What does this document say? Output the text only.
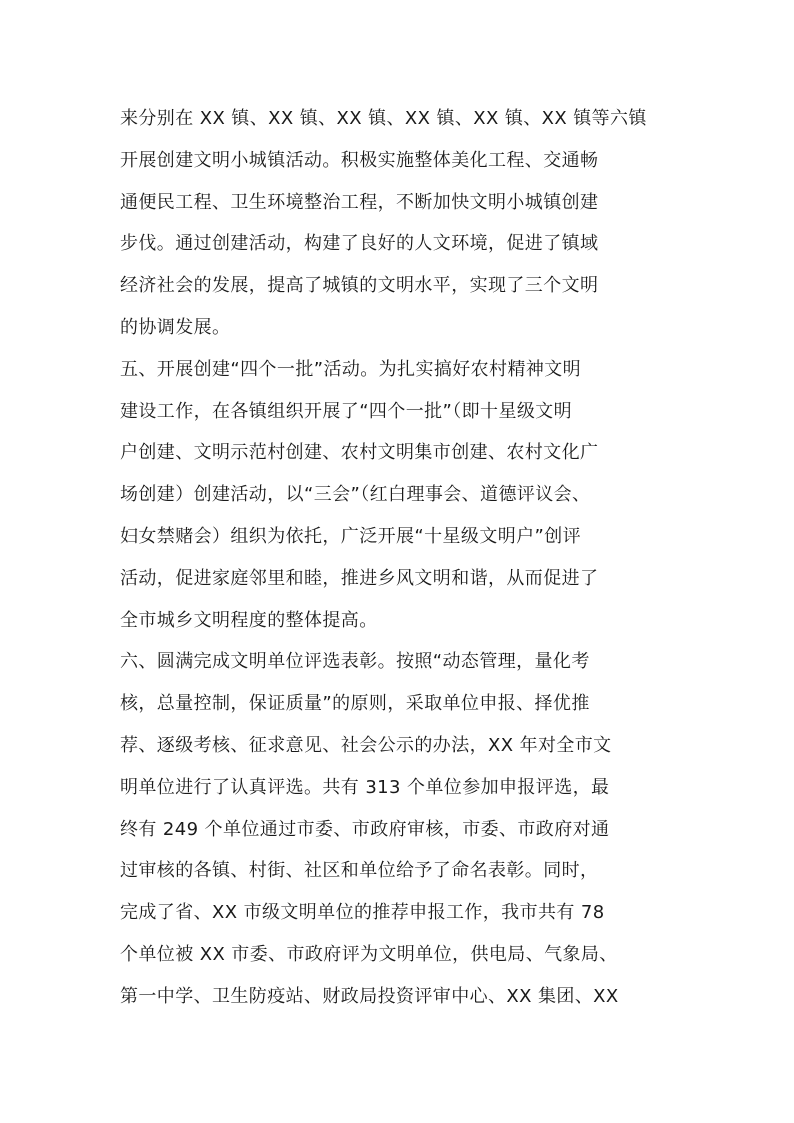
来分别在 XX 镇、XX 镇、XX 镇、XX 镇、XX 镇、XX 镇等六镇
开展创建文明小城镇活动。积极实施整体美化工程、交通畅
通便民工程、卫生环境整治工程，不断加快文明小城镇创建
步伐。通过创建活动，构建了良好的人文环境，促进了镇域
经济社会的发展，提高了城镇的文明水平，实现了三个文明
的协调发展。
五、开展创建“四个一批”活动。为扎实搞好农村精神文明
建设工作，在各镇组织开展了“四个一批”（即十星级文明
户创建、文明示范村创建、农村文明集市创建、农村文化广
场创建）创建活动，以“三会”（红白理事会、道德评议会、
妇女禁赌会）组织为依托，广泛开展“十星级文明户”创评
活动，促进家庭邻里和睦，推进乡风文明和谐，从而促进了
全市城乡文明程度的整体提高。
六、圆满完成文明单位评选表彰。按照“动态管理，量化考
核，总量控制，保证质量”的原则，采取单位申报、择优推
荐、逐级考核、征求意见、社会公示的办法，XX 年对全市文
明单位进行了认真评选。共有 313 个单位参加申报评选，最
终有 249 个单位通过市委、市政府审核，市委、市政府对通
过审核的各镇、村街、社区和单位给予了命名表彰。同时，
完成了省、XX 市级文明单位的推荐申报工作，我市共有 78
个单位被 XX 市委、市政府评为文明单位，供电局、气象局、
第一中学、卫生防疫站、财政局投资评审中心、XX 集团、XX
